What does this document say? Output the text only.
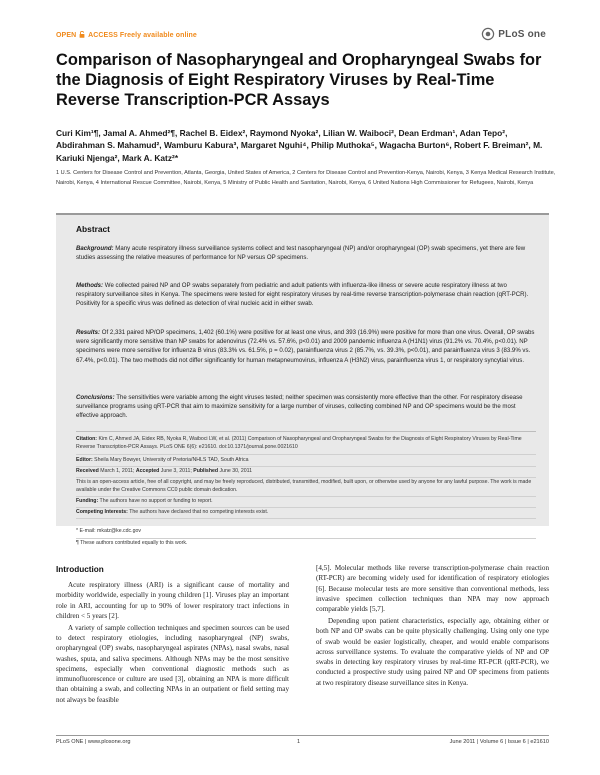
OPEN ACCESS Freely available online	PLoS one
Comparison of Nasopharyngeal and Oropharyngeal Swabs for the Diagnosis of Eight Respiratory Viruses by Real-Time Reverse Transcription-PCR Assays
Curi Kim¹¶, Jamal A. Ahmed²¶, Rachel B. Eidex², Raymond Nyoka², Lilian W. Waiboci², Dean Erdman¹, Adan Tepo², Abdirahman S. Mahamud², Wamburu Kabura³, Margaret Nguhi⁴, Philip Muthoka⁵, Wagacha Burton⁶, Robert F. Breiman², M. Kariuki Njenga², Mark A. Katz²*
1 U.S. Centers for Disease Control and Prevention, Atlanta, Georgia, United States of America, 2 Centers for Disease Control and Prevention-Kenya, Nairobi, Kenya, 3 Kenya Medical Research Institute, Nairobi, Kenya, 4 International Rescue Committee, Nairobi, Kenya, 5 Ministry of Public Health and Sanitation, Nairobi, Kenya, 6 United Nations High Commissioner for Refugees, Nairobi, Kenya
Abstract
Background: Many acute respiratory illness surveillance systems collect and test nasopharyngeal (NP) and/or oropharyngeal (OP) swab specimens, yet there are few studies assessing the relative measures of performance for NP versus OP specimens.
Methods: We collected paired NP and OP swabs separately from pediatric and adult patients with influenza-like illness or severe acute respiratory illness at two respiratory surveillance sites in Kenya. The specimens were tested for eight respiratory viruses by real-time reverse transcription-polymerase chain reaction (qRT-PCR). Positivity for a specific virus was defined as detection of viral nucleic acid in either swab.
Results: Of 2,331 paired NP/OP specimens, 1,402 (60.1%) were positive for at least one virus, and 393 (16.9%) were positive for more than one virus. Overall, OP swabs were significantly more sensitive than NP swabs for adenovirus (72.4% vs. 57.6%, p<0.01) and 2009 pandemic influenza A (H1N1) virus (91.2% vs. 70.4%, p<0.01). NP specimens were more sensitive for influenza B virus (83.3% vs. 61.5%, p = 0.02), parainfluenza virus 2 (85.7%, vs. 39.3%, p<0.01), and parainfluenza virus 3 (83.9% vs. 67.4%, p<0.01). The two methods did not differ significantly for human metapneumovirus, influenza A (H3N2) virus, parainfluenza virus 1, or respiratory syncytial virus.
Conclusions: The sensitivities were variable among the eight viruses tested; neither specimen was consistently more effective than the other. For respiratory disease surveillance programs using qRT-PCR that aim to maximize sensitivity for a large number of viruses, collecting combined NP and OP specimens would be the most effective approach.
Citation: Kim C, Ahmed JA, Eidex RB, Nyoka R, Waiboci LW, et al. (2011) Comparison of Nasopharyngeal and Oropharyngeal Swabs for the Diagnosis of Eight Respiratory Viruses by Real-Time Reverse Transcription-PCR Assays. PLoS ONE 6(6): e21610. doi:10.1371/journal.pone.0021610
Editor: Sheila Mary Bowyer, University of Pretoria/NHLS TAD, South Africa
Received March 1, 2011; Accepted June 3, 2011; Published June 30, 2011
This is an open-access article, free of all copyright, and may be freely reproduced, distributed, transmitted, modified, built upon, or otherwise used by anyone for any lawful purpose. The work is made available under the Creative Commons CC0 public domain dedication.
Funding: The authors have no support or funding to report.
Competing Interests: The authors have declared that no competing interests exist.
* E-mail: mkatz@ke.cdc.gov
¶ These authors contributed equally to this work.
Introduction

Acute respiratory illness (ARI) is a significant cause of mortality and morbidity worldwide, especially in young children [1]. Viruses play an important role in ARI, accounting for up to 90% of lower respiratory tract infections in children < 5 years [2].

A variety of sample collection techniques and specimen sources can be used to detect respiratory etiologies, including nasopharyngeal (NP) swabs, oropharyngeal (OP) swabs, nasopharyngeal aspirates (NPAs), nasal swabs, nasal washes, sputa, and saliva specimens. Although NPAs may be the most sensitive specimens, especially when conventional diagnostic methods such as immunofluorescence or culture are used [3], obtaining an NPA is more difficult than obtaining a swab, and collecting NPAs in an outpatient or field setting may not always be feasible

[4,5]. Molecular methods like reverse transcription-polymerase chain reaction (RT-PCR) are becoming widely used for identification of respiratory etiologies [6]. Because molecular tests are more sensitive than conventional methods, less invasive specimen collection techniques than NPA may now approach comparable yields [5,7].

Depending upon patient characteristics, especially age, obtaining either or both NP and OP swabs can be quite physically challenging. Using only one type of swab would be easier logistically, cheaper, and would enable comparisons across surveillance systems. To evaluate the comparative yields of NP and OP swabs in detecting key respiratory viruses by real-time RT-PCR (qRT-PCR), we conducted a prospective study using paired NP and OP specimens from patients at two respiratory disease surveillance sites in Kenya.

PLoS ONE | www.plosone.org	1	June 2011 | Volume 6 | Issue 6 | e21610
